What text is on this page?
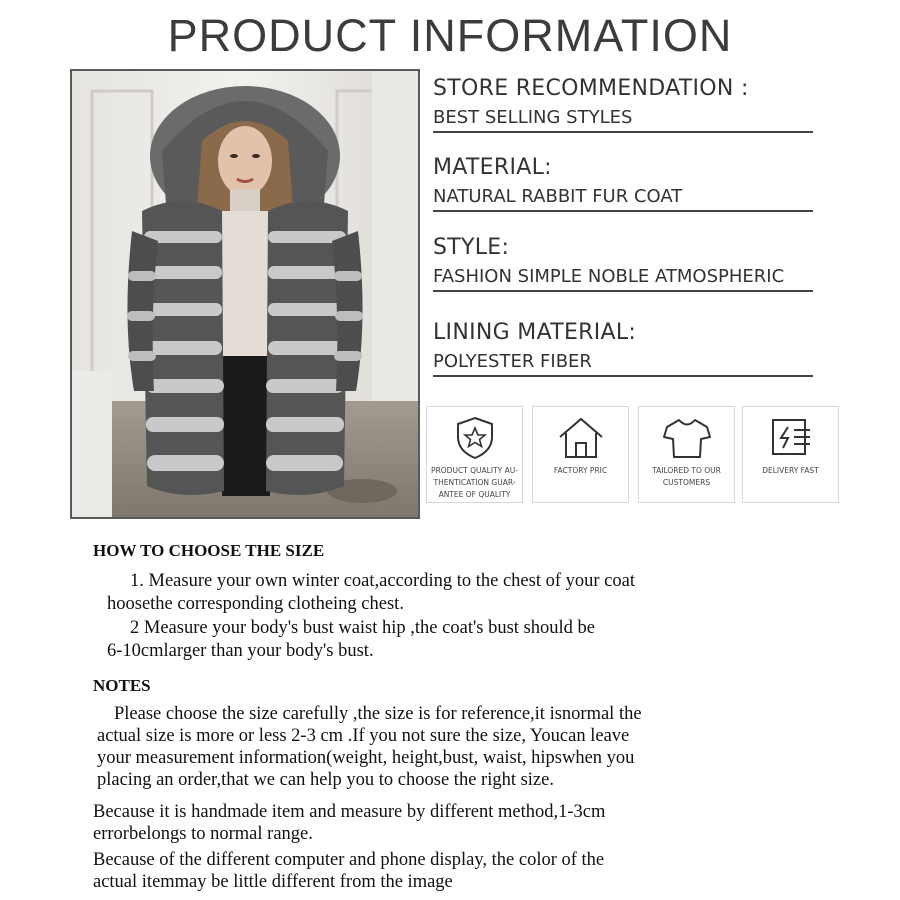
PRODUCT INFORMATION
STORE RECOMMENDATION :
BEST SELLING STYLES
MATERIAL:
NATURAL RABBIT FUR COAT
STYLE:
FASHION SIMPLE NOBLE ATMOSPHERIC
LINING MATERIAL:
POLYESTER FIBER
PRODUCT QUALITY AU-
THENTICATION GUAR-
ANTEE OF QUALITY
FACTORY PRIC	TAILORED TO OUR
CUSTOMERS
DELIVERY FAST
HOW TO CHOOSE THE SIZE
1. Measure your own winter coat,according to the chest of your coat
hoosethe corresponding clotheing chest.
2 Measure your body's bust waist hip ,the coat's bust should be
6-10cmlarger than your body's bust.
NOTES
Please choose the size carefully ,the size is for reference,it isnormal the
actual size is more or less 2-3 cm .If you not sure the size, Youcan leave
your measurement information(weight, height,bust, waist, hipswhen you
placing an order,that we can help you to choose the right size.
Because it is handmade item and measure by different method,1-3cm
errorbelongs to normal range.
Because of the different computer and phone display, the color of the
actual itemmay be little different from the image
